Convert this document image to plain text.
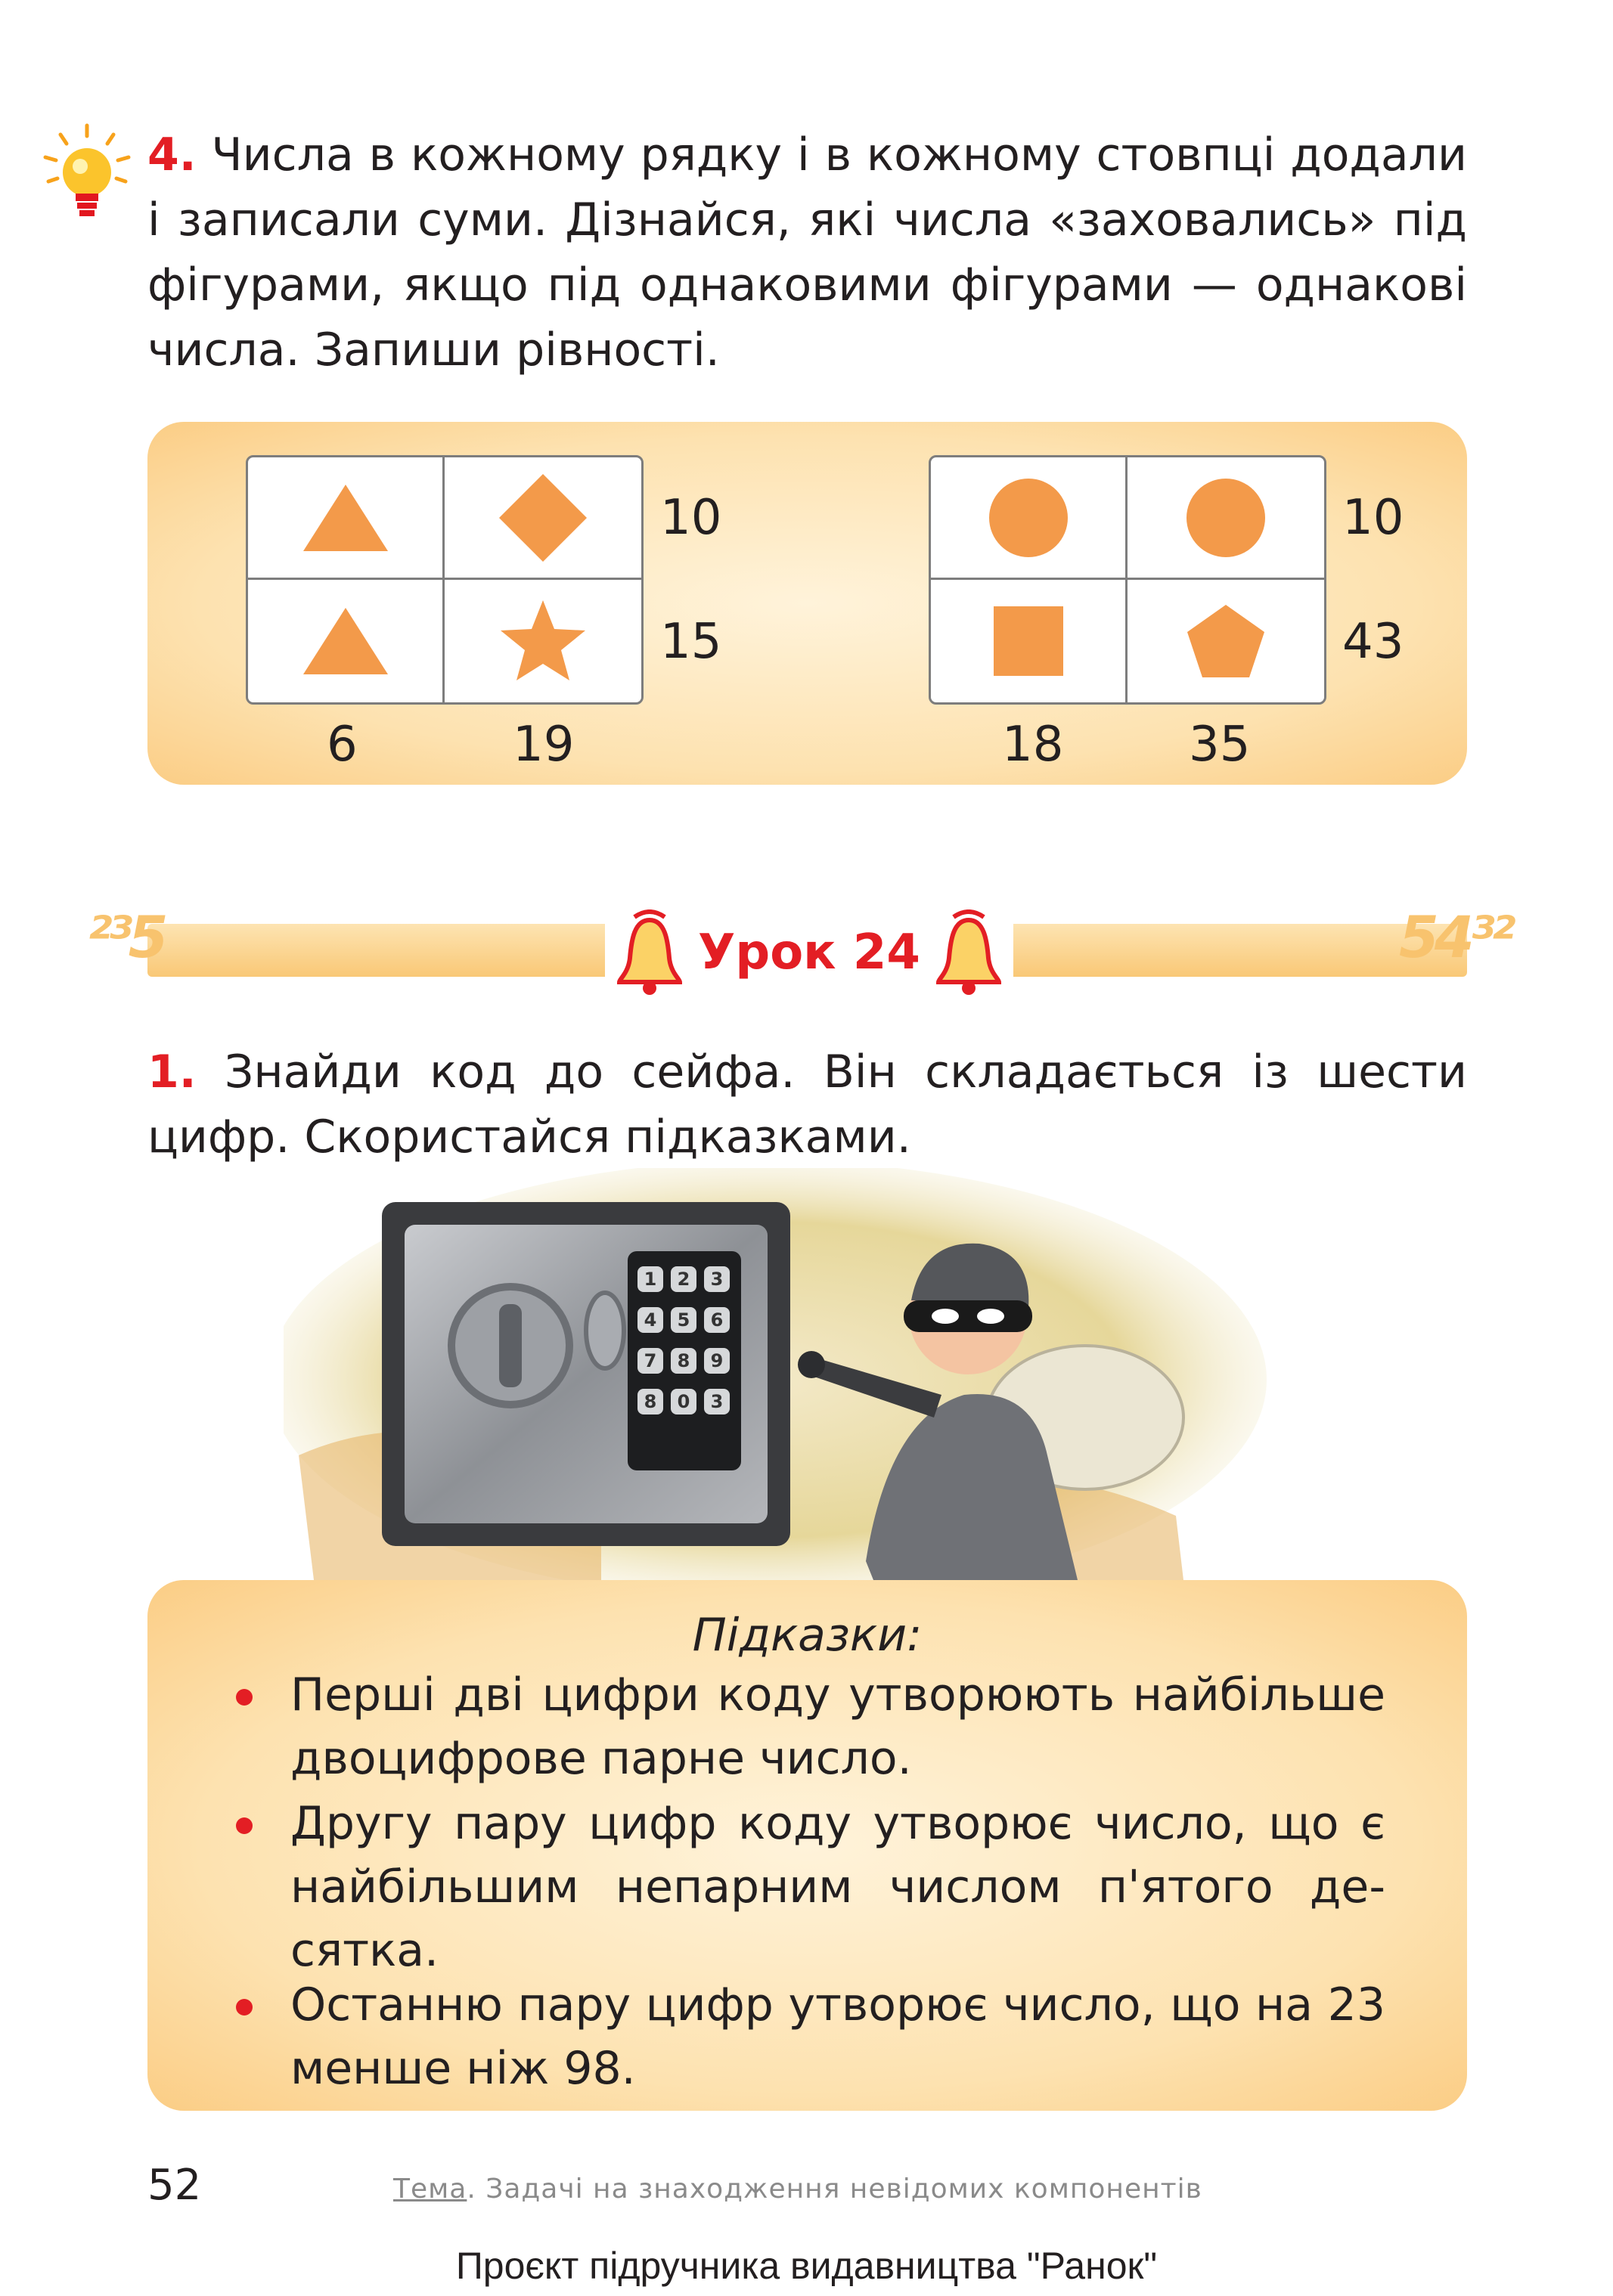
4. Числа в кожному рядку і в кожному стовпці додали і записали суми. Дізнайся, які числа «заховались» під фігурами, якщо під однаковими фігурами — однакові числа. Запиши рівності.
10
15
6	19
10
43
18	35
²³5	54³²
Урок 24
1. Знайди код до сейфа. Він складається із шести цифр. Скористайся підказками.
1	2	3
4	5	6
7	8	9
8	0	3
Підказки:
Перші дві цифри коду утворюють найбільше двоцифрове парне число.
Другу пару цифр коду утворює число, що є найбільшим непарним числом п'ятого десятка.
Останню пару цифр утворює число, що на 23 менше ніж 98.
52	Тема. Задачі на знаходження невідомих компонентів
Проєкт підручника видавництва "Ранок"
